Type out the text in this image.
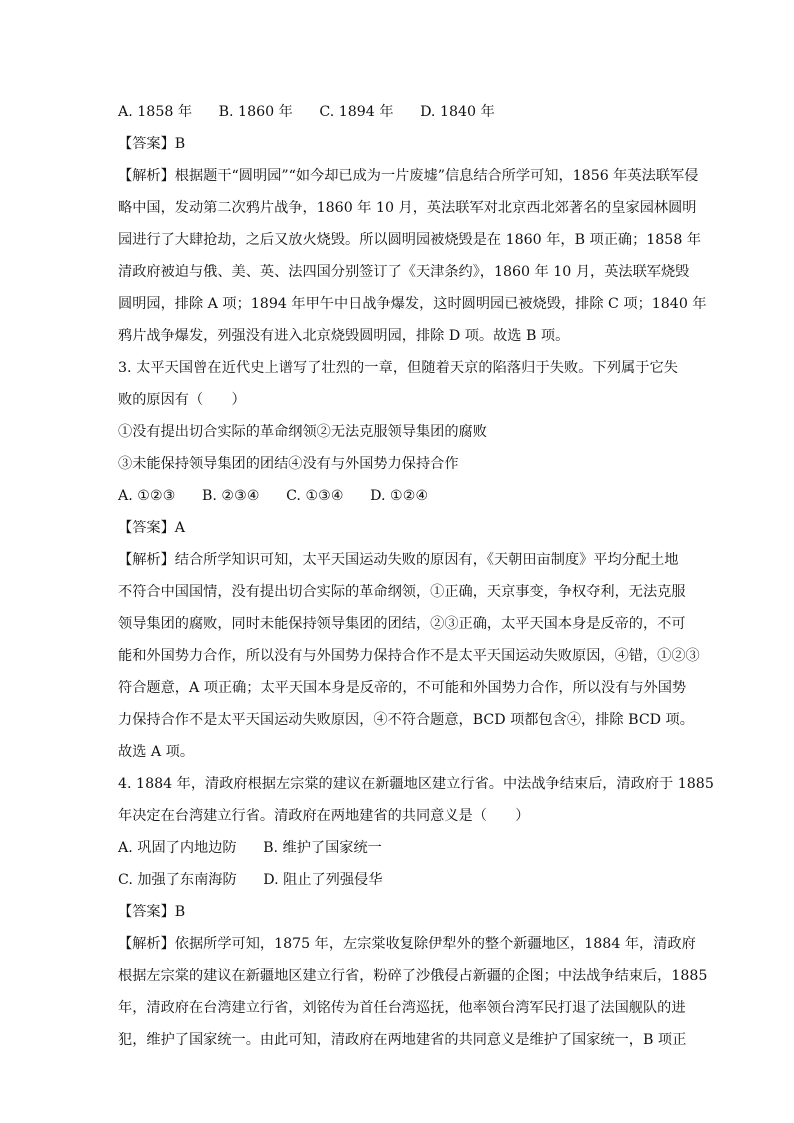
A. 1858 年 B. 1860 年 C. 1894 年 D. 1840 年
【答案】B
【解析】根据题干“圆明园”“如今却已成为一片废墟”信息结合所学可知，1856 年英法联军侵
略中国，发动第二次鸦片战争，1860 年 10 月，英法联军对北京西北郊著名的皇家园林圆明
园进行了大肆抢劫，之后又放火烧毁。所以圆明园被烧毁是在 1860 年，B 项正确；1858 年
清政府被迫与俄、美、英、法四国分别签订了《天津条约》，1860 年 10 月，英法联军烧毁
圆明园，排除 A 项；1894 年甲午中日战争爆发，这时圆明园已被烧毁，排除 C 项；1840 年
鸦片战争爆发，列强没有进入北京烧毁圆明园，排除 D 项。故选 B 项。
3. 太平天国曾在近代史上谱写了壮烈的一章，但随着天京的陷落归于失败。下列属于它失
败的原因有（　　）
①没有提出切合实际的革命纲领②无法克服领导集团的腐败
③未能保持领导集团的团结④没有与外国势力保持合作
A. ①②③ B. ②③④ C. ①③④ D. ①②④
【答案】A
【解析】结合所学知识可知，太平天国运动失败的原因有，《天朝田亩制度》平均分配土地
不符合中国国情，没有提出切合实际的革命纲领，①正确，天京事变，争权夺利，无法克服
领导集团的腐败，同时未能保持领导集团的团结，②③正确，太平天国本身是反帝的，不可
能和外国势力合作，所以没有与外国势力保持合作不是太平天国运动失败原因，④错，①②③
符合题意，A 项正确；太平天国本身是反帝的，不可能和外国势力合作，所以没有与外国势
力保持合作不是太平天国运动失败原因，④不符合题意，BCD 项都包含④，排除 BCD 项。
故选 A 项。
4. 1884 年，清政府根据左宗棠的建议在新疆地区建立行省。中法战争结束后，清政府于 1885
年决定在台湾建立行省。清政府在两地建省的共同意义是（　　）
A. 巩固了内地边防 B. 维护了国家统一
C. 加强了东南海防 D. 阻止了列强侵华
【答案】B
【解析】依据所学可知，1875 年，左宗棠收复除伊犁外的整个新疆地区，1884 年，清政府
根据左宗棠的建议在新疆地区建立行省，粉碎了沙俄侵占新疆的企图；中法战争结束后，1885
年，清政府在台湾建立行省，刘铭传为首任台湾巡抚，他率领台湾军民打退了法国舰队的进
犯，维护了国家统一。由此可知，清政府在两地建省的共同意义是维护了国家统一，B 项正
